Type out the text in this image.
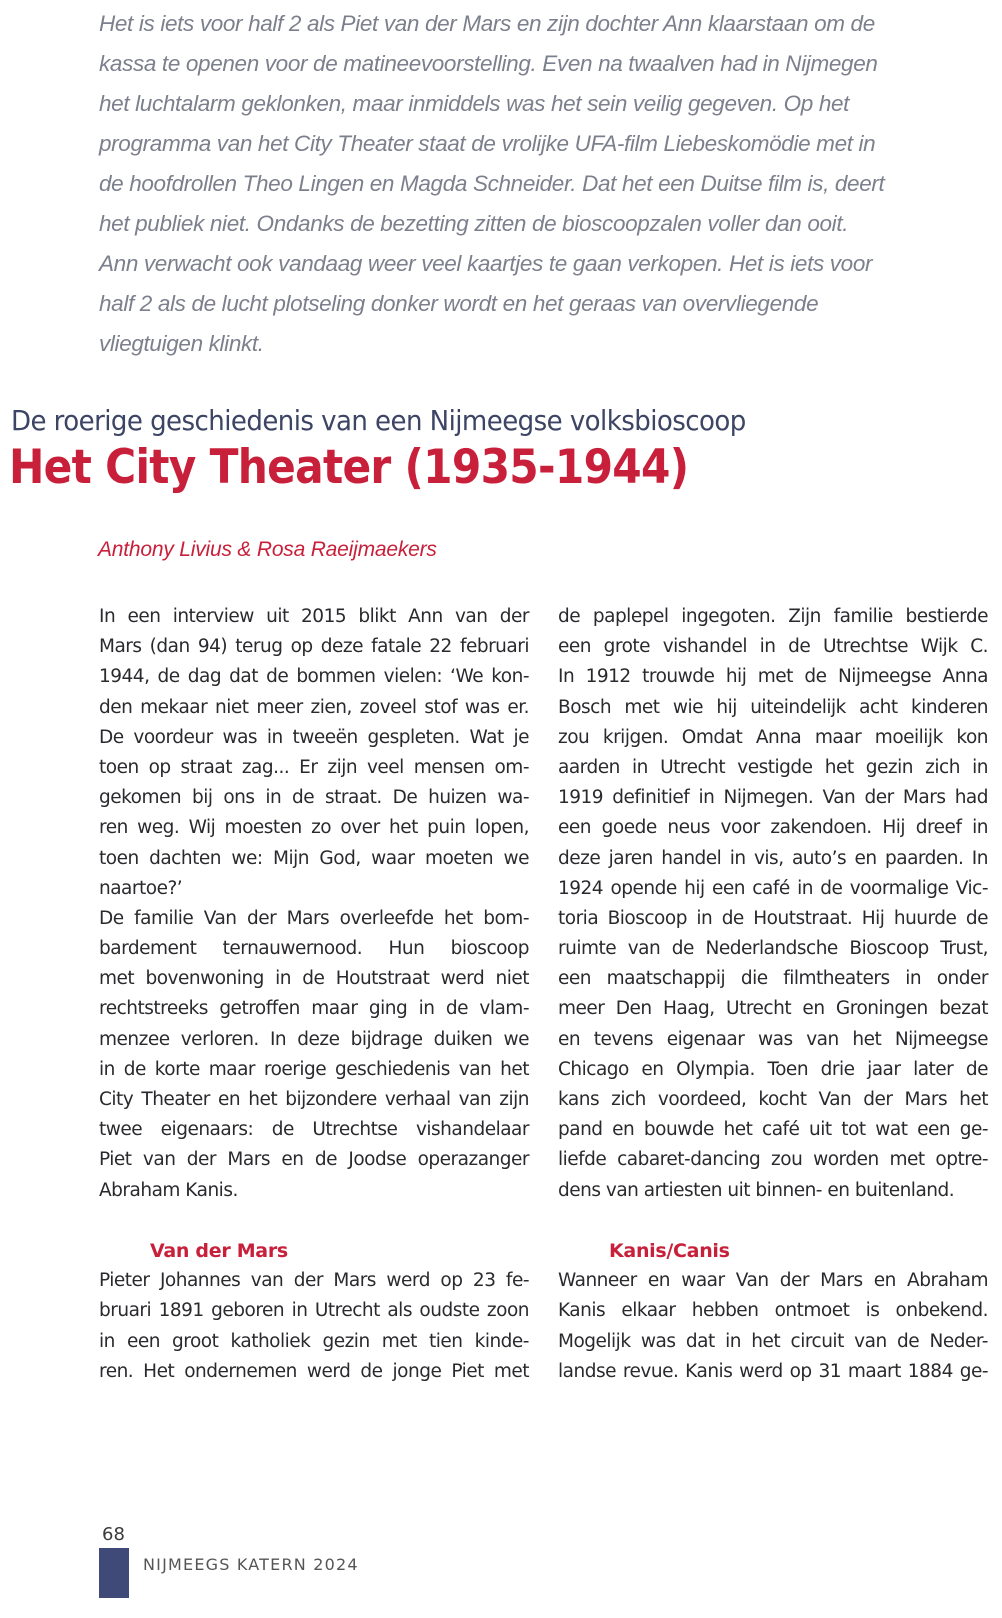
Het is iets voor half 2 als Piet van der Mars en zijn dochter Ann klaarstaan om de
kassa te openen voor de matineevoorstelling. Even na twaalven had in Nijmegen
het luchtalarm geklonken, maar inmiddels was het sein veilig gegeven. Op het
programma van het City Theater staat de vrolijke UFA-film Liebeskomödie met in
de hoofdrollen Theo Lingen en Magda Schneider. Dat het een Duitse film is, deert
het publiek niet. Ondanks de bezetting zitten de bioscoopzalen voller dan ooit.
Ann verwacht ook vandaag weer veel kaartjes te gaan verkopen. Het is iets voor
half 2 als de lucht plotseling donker wordt en het geraas van overvliegende
vliegtuigen klinkt.
De roerige geschiedenis van een Nijmeegse volksbioscoop
Het City Theater (1935-1944)
Anthony Livius & Rosa Raeijmaekers
In een interview uit 2015 blikt Ann van der
Mars (dan 94) terug op deze fatale 22 februari
1944, de dag dat de bommen vielen: ‘We kon-
den mekaar niet meer zien, zoveel stof was er.
De voordeur was in tweeën gespleten. Wat je
toen op straat zag... Er zijn veel mensen om-
gekomen bij ons in de straat. De huizen wa-
ren weg. Wij moesten zo over het puin lopen,
toen dachten we: Mijn God, waar moeten we
naartoe?’
De familie Van der Mars overleefde het bom-
bardement ternauwernood. Hun bioscoop
met bovenwoning in de Houtstraat werd niet
rechtstreeks getroffen maar ging in de vlam-
menzee verloren. In deze bijdrage duiken we
in de korte maar roerige geschiedenis van het
City Theater en het bijzondere verhaal van zijn
twee eigenaars: de Utrechtse vishandelaar
Piet van der Mars en de Joodse operazanger
Abraham Kanis.
Van der Mars
Pieter Johannes van der Mars werd op 23 fe-
bruari 1891 geboren in Utrecht als oudste zoon
in een groot katholiek gezin met tien kinde-
ren. Het ondernemen werd de jonge Piet met
de paplepel ingegoten. Zijn familie bestierde
een grote vishandel in de Utrechtse Wijk C.
In 1912 trouwde hij met de Nijmeegse Anna
Bosch met wie hij uiteindelijk acht kinderen
zou krijgen. Omdat Anna maar moeilijk kon
aarden in Utrecht vestigde het gezin zich in
1919 definitief in Nijmegen. Van der Mars had
een goede neus voor zakendoen. Hij dreef in
deze jaren handel in vis, auto’s en paarden. In
1924 opende hij een café in de voormalige Vic-
toria Bioscoop in de Houtstraat. Hij huurde de
ruimte van de Nederlandsche Bioscoop Trust,
een maatschappij die filmtheaters in onder
meer Den Haag, Utrecht en Groningen bezat
en tevens eigenaar was van het Nijmeegse
Chicago en Olympia. Toen drie jaar later de
kans zich voordeed, kocht Van der Mars het
pand en bouwde het café uit tot wat een ge-
liefde cabaret-dancing zou worden met optre-
dens van artiesten uit binnen- en buitenland.
Kanis/Canis
Wanneer en waar Van der Mars en Abraham
Kanis elkaar hebben ontmoet is onbekend.
Mogelijk was dat in het circuit van de Neder-
landse revue. Kanis werd op 31 maart 1884 ge-
68
NIJMEEGS KATERN 2024
